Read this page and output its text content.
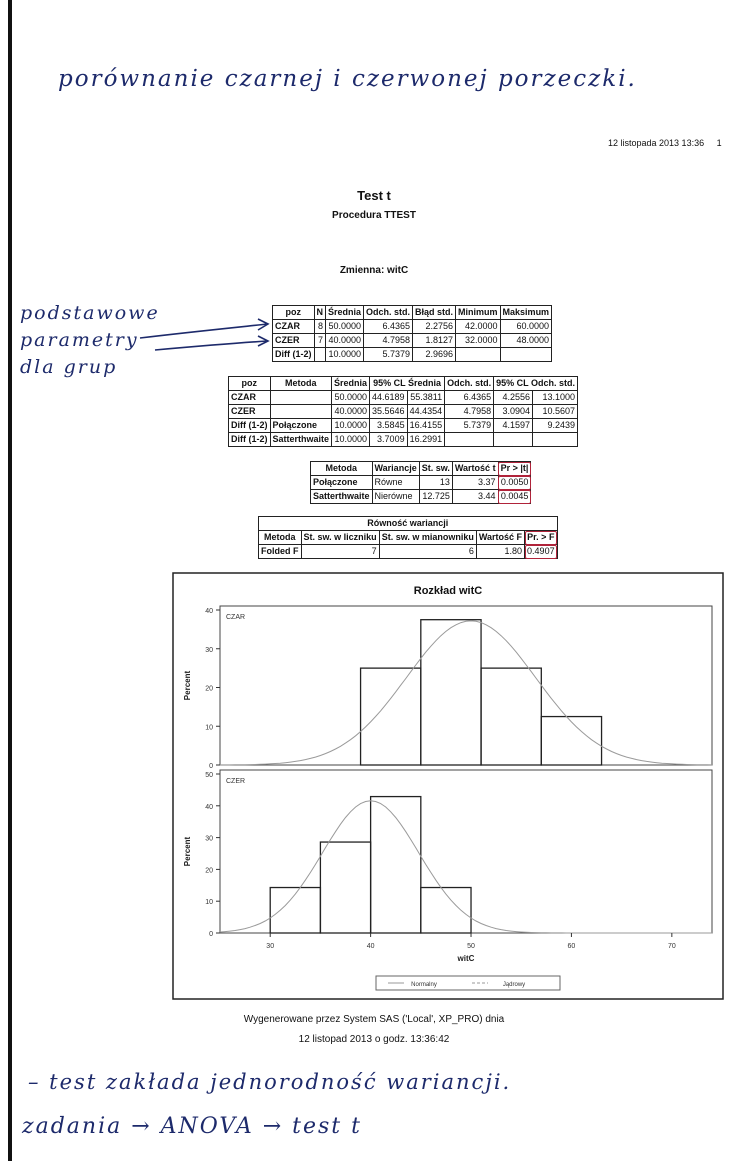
porównanie czarnej i czerwonej porzeczki.
12 listopada 2013 13:36 1
Test t
Procedura TTEST
Zmienna: witC
podstawowe
parametry
dla grup
poz	N	Średnia	Odch. std.	Błąd std.	Minimum	Maksimum
CZAR	8	50.0000	6.4365	2.2756	42.0000	60.0000
CZER	7	40.0000	4.7958	1.8127	32.0000	48.0000
Diff (1-2)		10.0000	5.7379	2.9696		
poz	Metoda	Średnia	95% CL Średnia		Odch. std.	95% CL Odch. std.	
CZAR		50.0000	44.6189	55.3811	6.4365	4.2556	13.1000
CZER		40.0000	35.5646	44.4354	4.7958	3.0904	10.5607
Diff (1-2)	Połączone	10.0000	3.5845	16.4155	5.7379	4.1597	9.2439
Diff (1-2)	Satterthwaite	10.0000	3.7009	16.2991			
Metoda	Wariancje	St. sw.	Wartość t	Pr > |t|
Połączone	Równe	13	3.37	0.0050
Satterthwaite	Nierówne	12.725	3.44	0.0045
Równość wariancji				
Metoda	St. sw. w liczniku	St. sw. w mianowniku	Wartość F	Pr. > F
Folded F	7	6	1.80	0.4907
Rozkład witC
CZAR
0
10
20
30
40
Percent
CZER
0
10
20
30
40
50
Percent
30	40	50	60	70
witC
Normalny	Jądrowy
Wygenerowane przez System SAS ('Local', XP_PRO) dnia
12 listopad 2013 o godz. 13:36:42
– test zakłada jednorodność wariancji.
zadania → ANOVA → test t
